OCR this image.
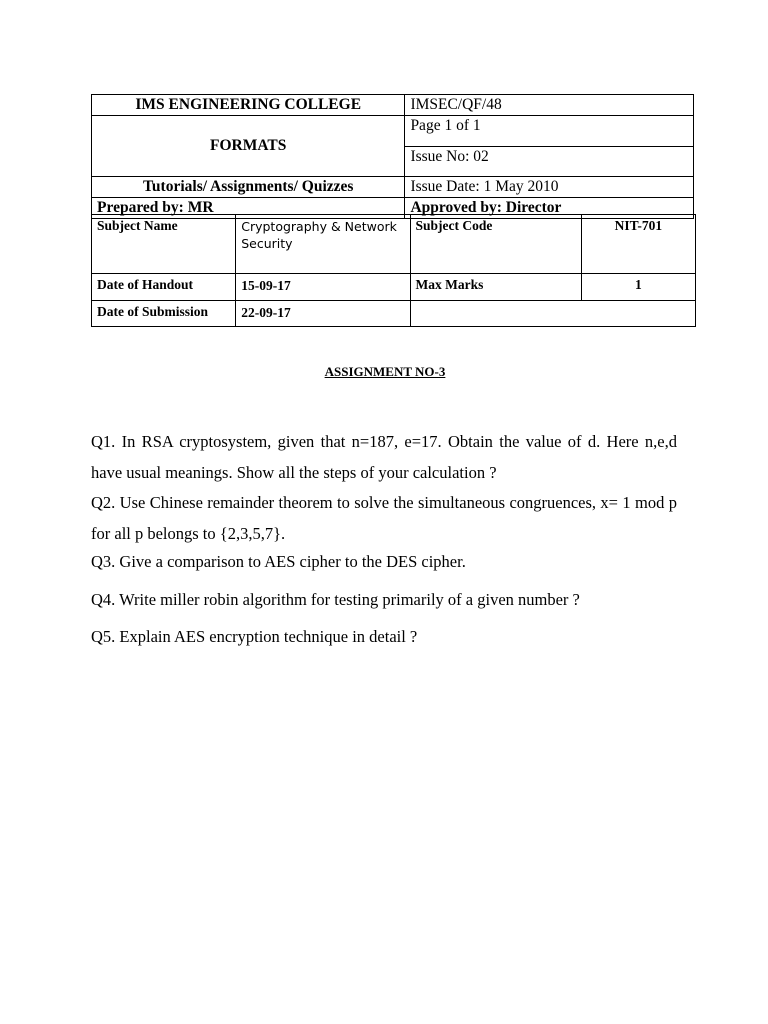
IMS ENGINEERING COLLEGE	IMSEC/QF/48
FORMATS	Page 1 of 1
	Issue No: 02
Tutorials/ Assignments/ Quizzes	Issue Date: 1 May 2010
Prepared by: MR	Approved by: Director
Subject Name	Cryptography & Network Security	Subject Code	NIT-701
Date of Handout	15-09-17	Max Marks	1
Date of Submission	22-09-17		
ASSIGNMENT NO-3
Q1. In RSA cryptosystem, given that n=187, e=17. Obtain the value of d. Here n,e,d have usual meanings. Show all the steps of your calculation ?
Q2. Use Chinese remainder theorem to solve the simultaneous congruences, x= 1 mod p for all p belongs to {2,3,5,7}.
Q3. Give a comparison to AES cipher to the DES cipher.
Q4. Write miller robin algorithm for testing primarily of a given number ?
Q5. Explain AES encryption technique in detail ?
